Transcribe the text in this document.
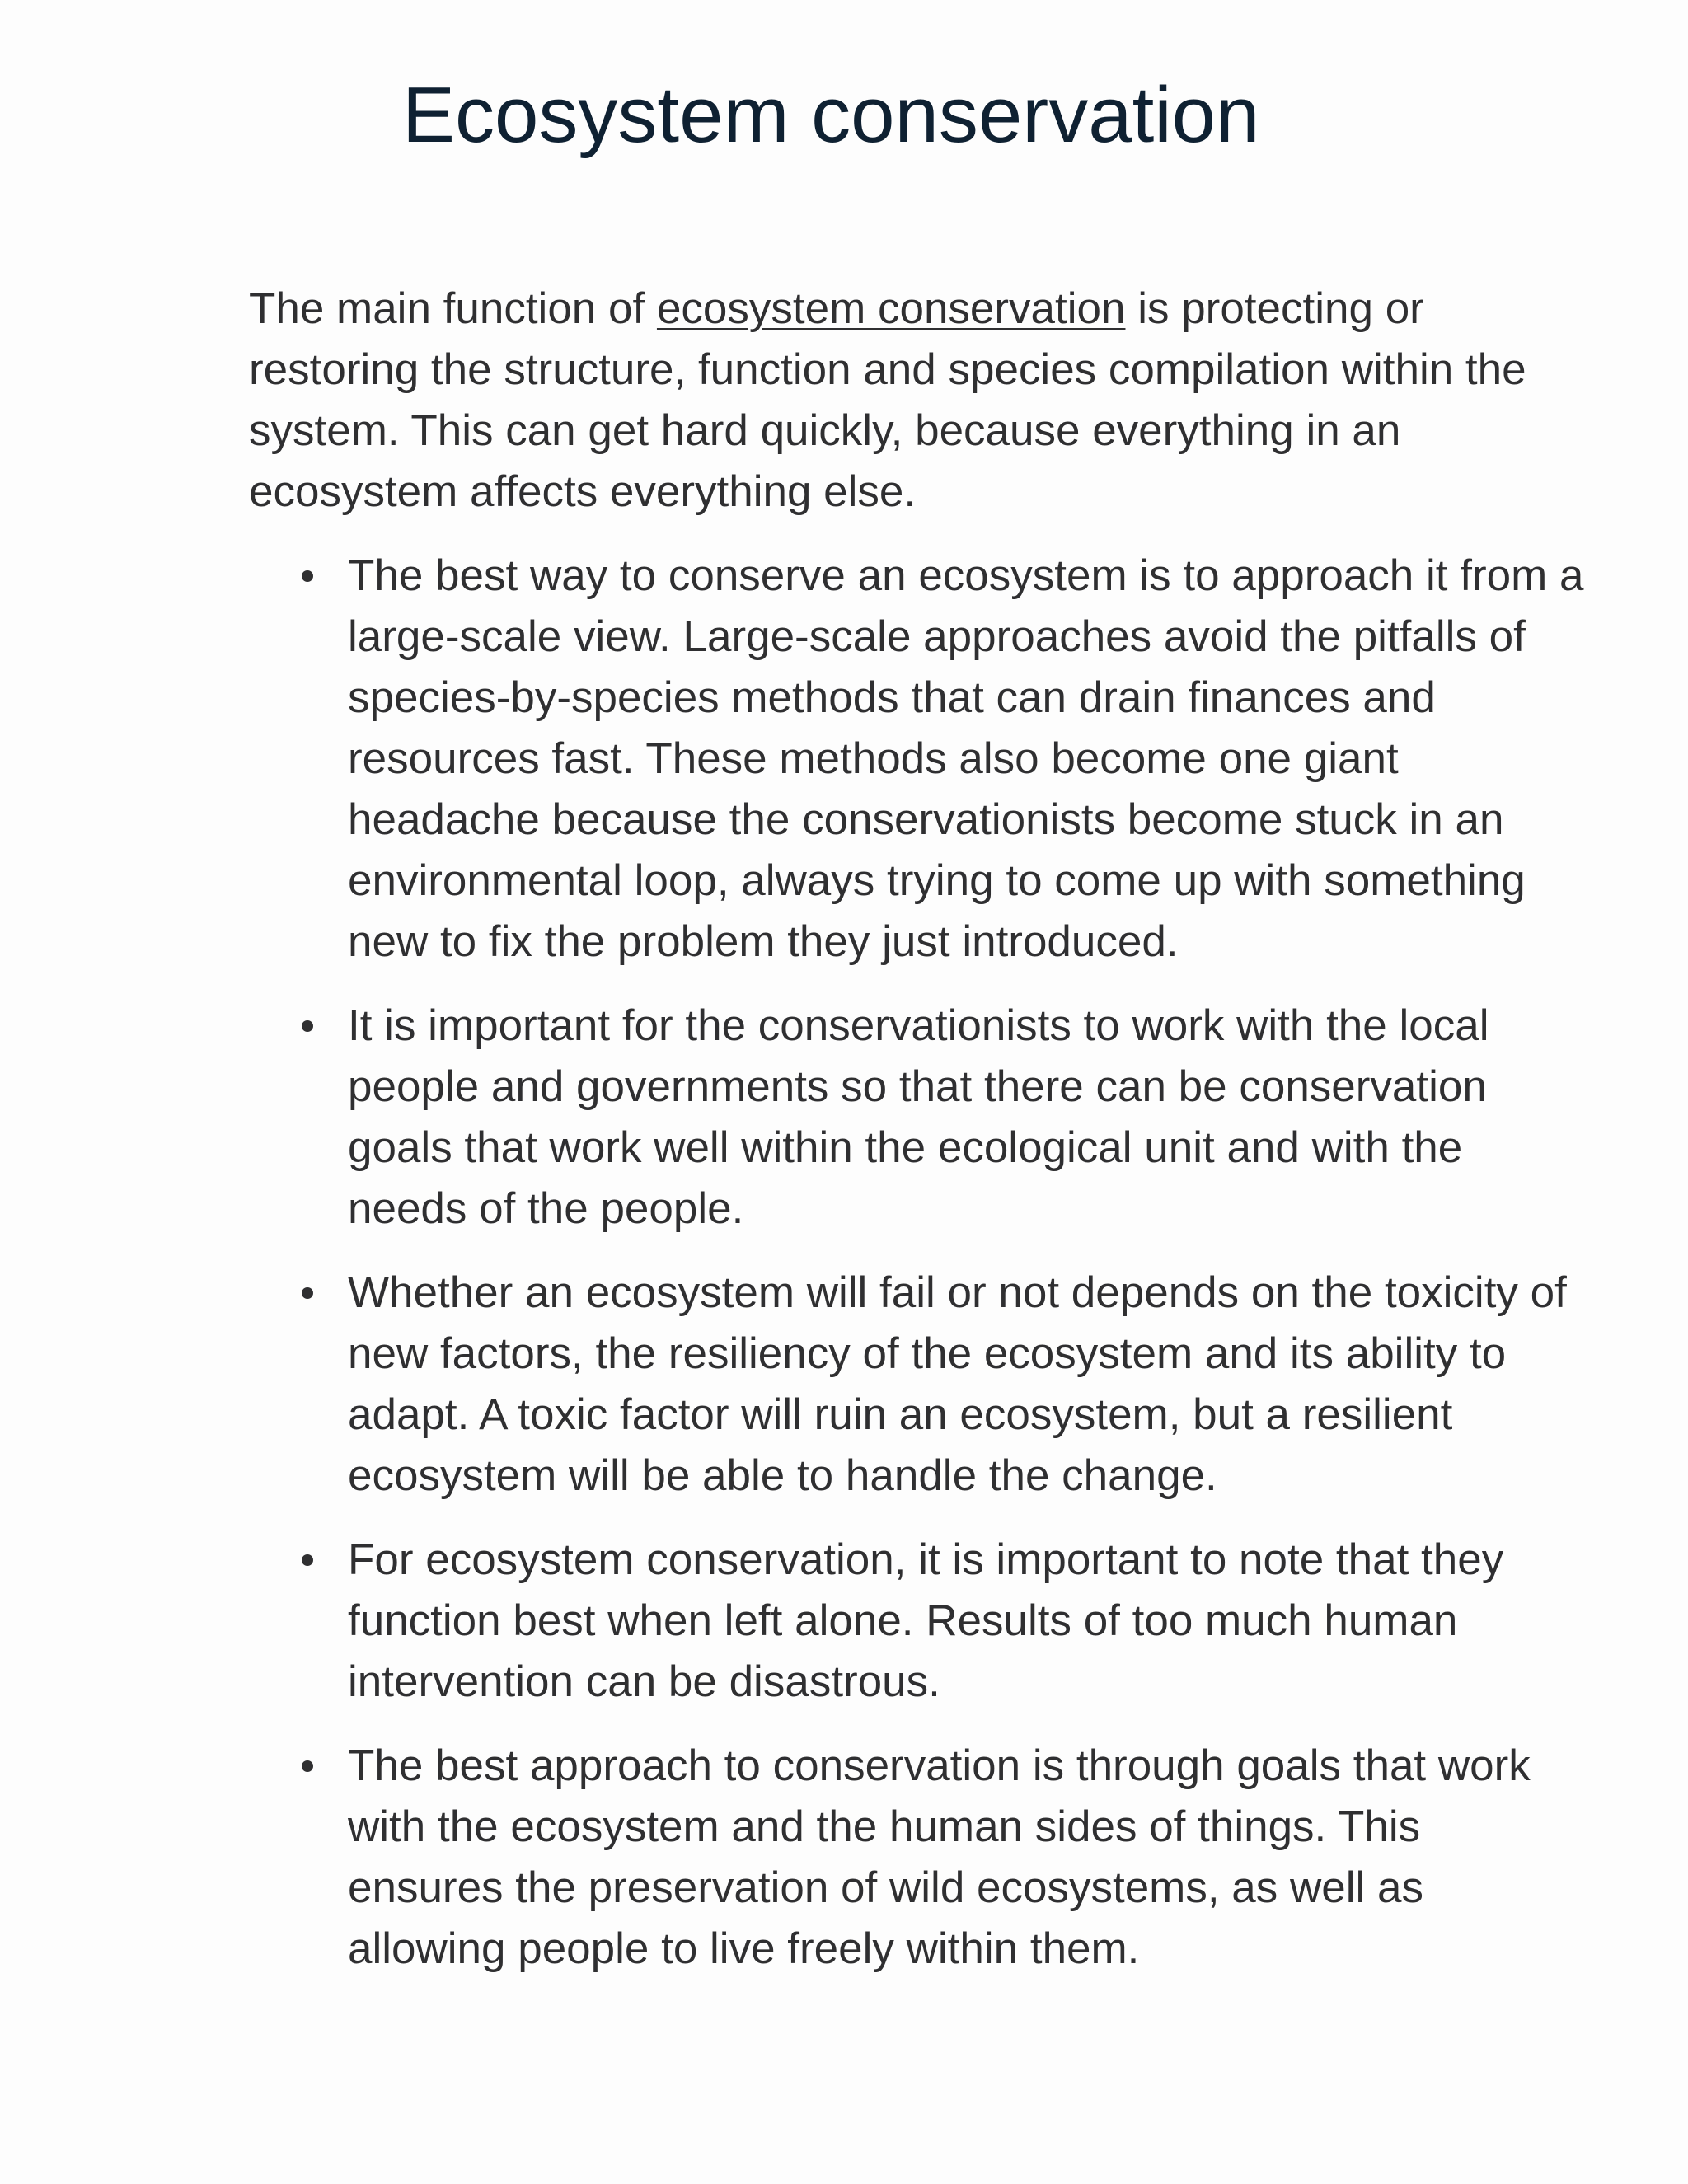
Ecosystem conservation

The main function of ecosystem conservation is protecting or restoring the structure, function and species compilation within the system. This can get hard quickly, because everything in an ecosystem affects everything else.

The best way to conserve an ecosystem is to approach it from a large-scale view. Large-scale approaches avoid the pitfalls of species-by-species methods that can drain finances and resources fast. These methods also become one giant headache because the conservationists become stuck in an environmental loop, always trying to come up with something new to fix the problem they just introduced.
It is important for the conservationists to work with the local people and governments so that there can be conservation goals that work well within the ecological unit and with the needs of the people.
Whether an ecosystem will fail or not depends on the toxicity of new factors, the resiliency of the ecosystem and its ability to adapt. A toxic factor will ruin an ecosystem, but a resilient ecosystem will be able to handle the change.
For ecosystem conservation, it is important to note that they function best when left alone. Results of too much human intervention can be disastrous.
The best approach to conservation is through goals that work with the ecosystem and the human sides of things. This ensures the preservation of wild ecosystems, as well as allowing people to live freely within them.
